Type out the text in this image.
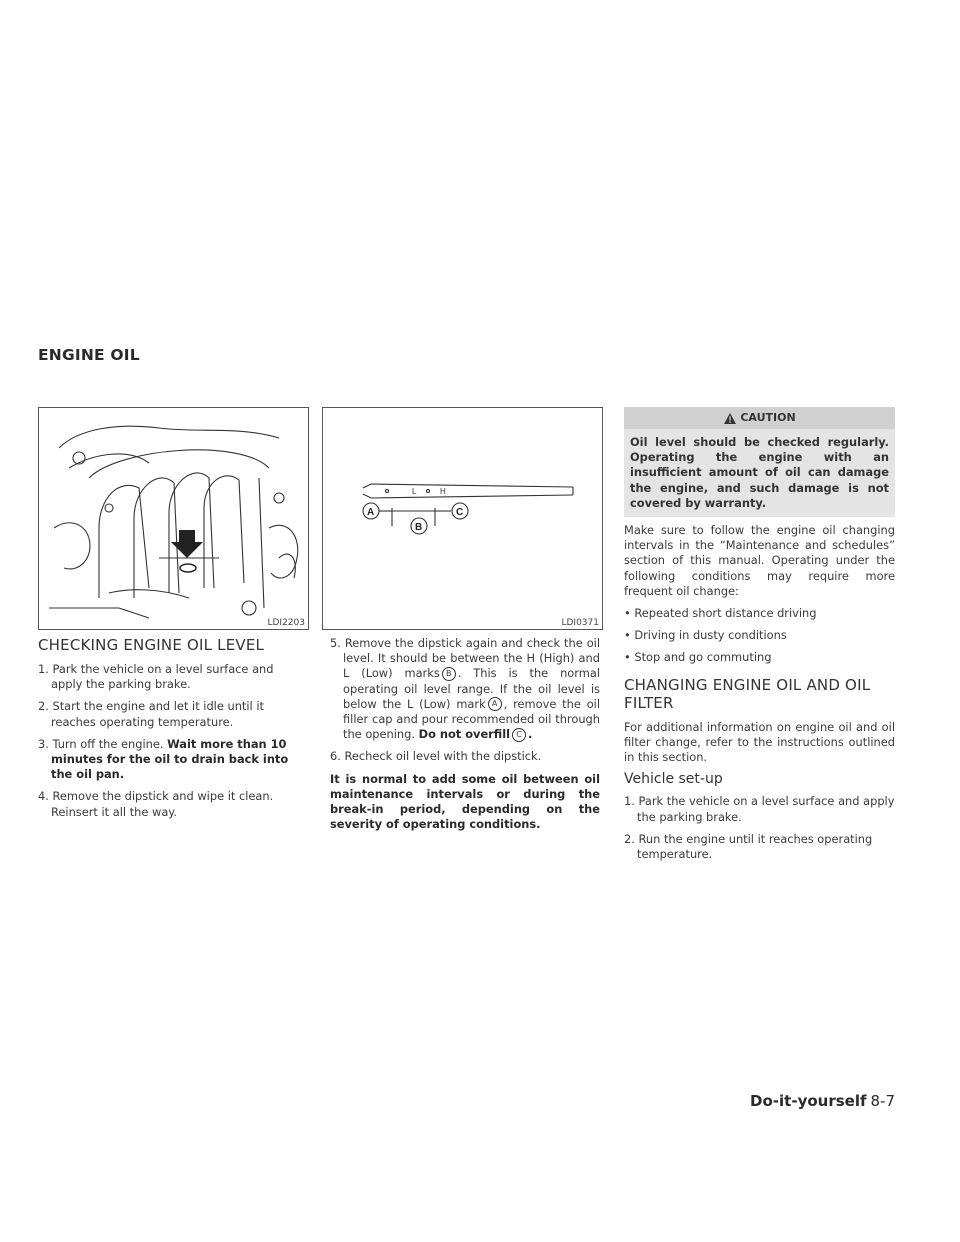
ENGINE OIL
LDI2203
L	H
A
B
C
LDI0371
CHECKING ENGINE OIL LEVEL

1. Park the vehicle on a level surface and apply the parking brake.

2. Start the engine and let it idle until it reaches operating temperature.

3. Turn off the engine. Wait more than 10 minutes for the oil to drain back into the oil pan.

4. Remove the dipstick and wipe it clean. Reinsert it all the way.

5. Remove the dipstick again and check the oil level. It should be between the H (High) and L (Low) marks B . This is the normal operating oil level range. If the oil level is below the L (Low) mark A , remove the oil filler cap and pour recommended oil through the opening. Do not overfill C .

6. Recheck oil level with the dipstick.

It is normal to add some oil between oil maintenance intervals or during the break-in period, depending on the severity of operating conditions.

CAUTION
Oil level should be checked regularly. Operating the engine with an insufficient amount of oil can damage the engine, and such damage is not covered by warranty.

Make sure to follow the engine oil changing intervals in the “Maintenance and schedules” section of this manual. Operating under the following conditions may require more frequent oil change:

• Repeated short distance driving

• Driving in dusty conditions

• Stop and go commuting

CHANGING ENGINE OIL AND OIL FILTER

For additional information on engine oil and oil filter change, refer to the instructions outlined in this section.

Vehicle set-up

1. Park the vehicle on a level surface and apply the parking brake.

2. Run the engine until it reaches operating temperature.

Do-it-yourself 8-7
